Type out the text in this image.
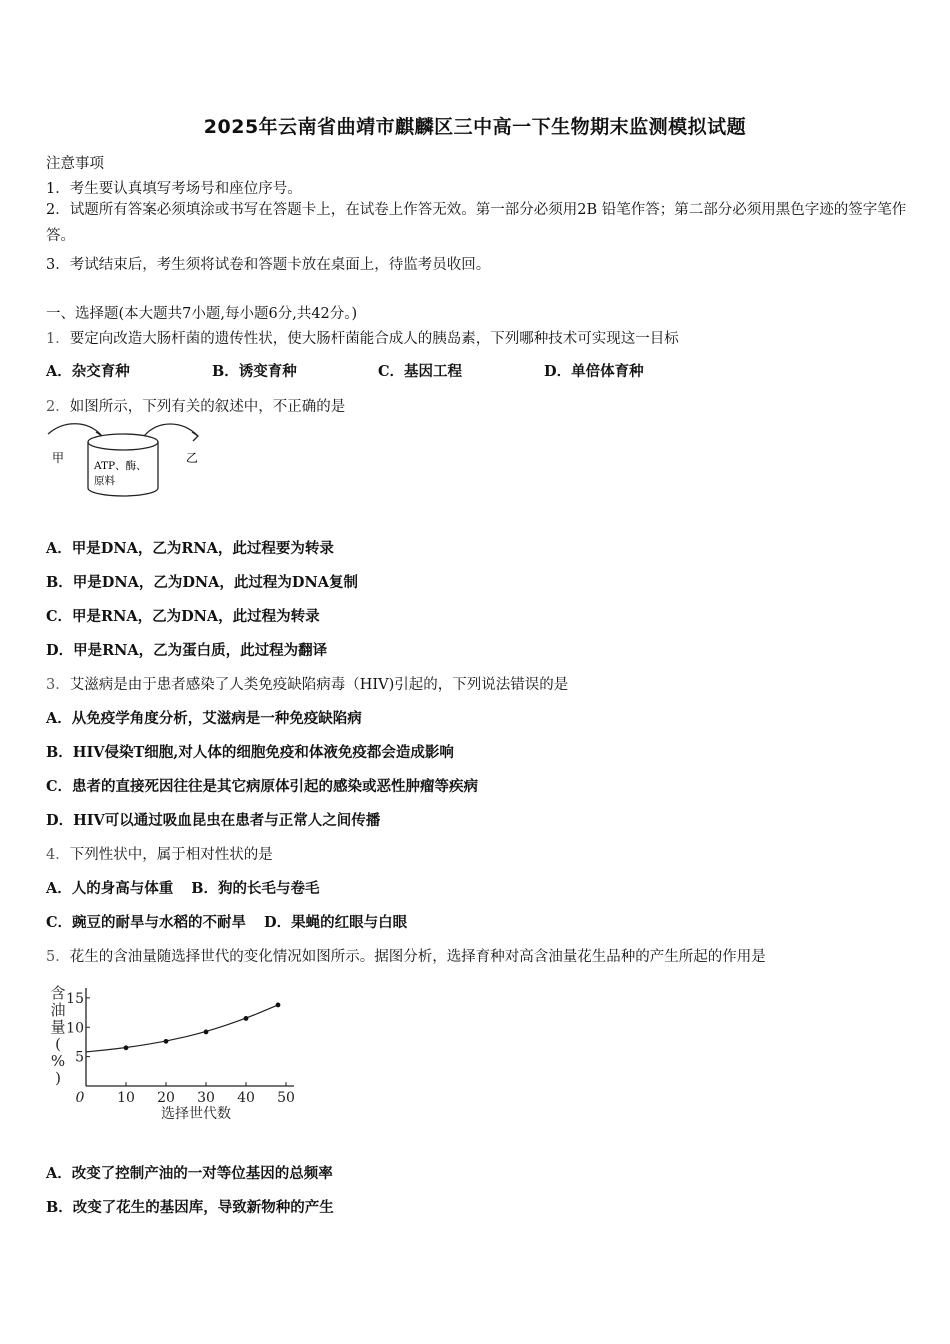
2025年云南省曲靖市麒麟区三中高一下生物期末监测模拟试题
注意事项
1．考生要认真填写考场号和座位序号。
2．试题所有答案必须填涂或书写在答题卡上，在试卷上作答无效。第一部分必须用2B 铅笔作答；第二部分必须用黑色字迹的签字笔作答。
3．考试结束后，考生须将试卷和答题卡放在桌面上，待监考员收回。
一、选择题(本大题共7小题,每小题6分,共42分。)
1．要定向改造大肠杆菌的遗传性状，使大肠杆菌能合成人的胰岛素，下列哪种技术可实现这一目标
A．杂交育种	B．诱变育种	C．基因工程	D．单倍体育种
2．如图所示，下列有关的叙述中，不正确的是
甲	乙
ATP、酶、
原料
A．甲是DNA，乙为RNA，此过程要为转录
B．甲是DNA，乙为DNA，此过程为DNA复制
C．甲是RNA，乙为DNA，此过程为转录
D．甲是RNA，乙为蛋白质，此过程为翻译
3．艾滋病是由于患者感染了人类免疫缺陷病毒（HIV)引起的，下列说法错误的是
A．从免疫学角度分析，艾滋病是一种免疫缺陷病
B．HIV侵染T细胞,对人体的细胞免疫和体液免疫都会造成影响
C．患者的直接死因往往是其它病原体引起的感染或恶性肿瘤等疾病
D．HIV可以通过吸血昆虫在患者与正常人之间传播
4．下列性状中，属于相对性状的是
A．人的身高与体重 B．狗的长毛与卷毛
C．豌豆的耐旱与水稻的不耐旱 D．果蝇的红眼与白眼
5．花生的含油量随选择世代的变化情况如图所示。据图分析，选择育种对高含油量花生品种的产生所起的作用是
含油量( % )
5
10
15
0 10 20 30 40 50
选择世代数
A．改变了控制产油的一对等位基因的总频率
B．改变了花生的基因库，导致新物种的产生
